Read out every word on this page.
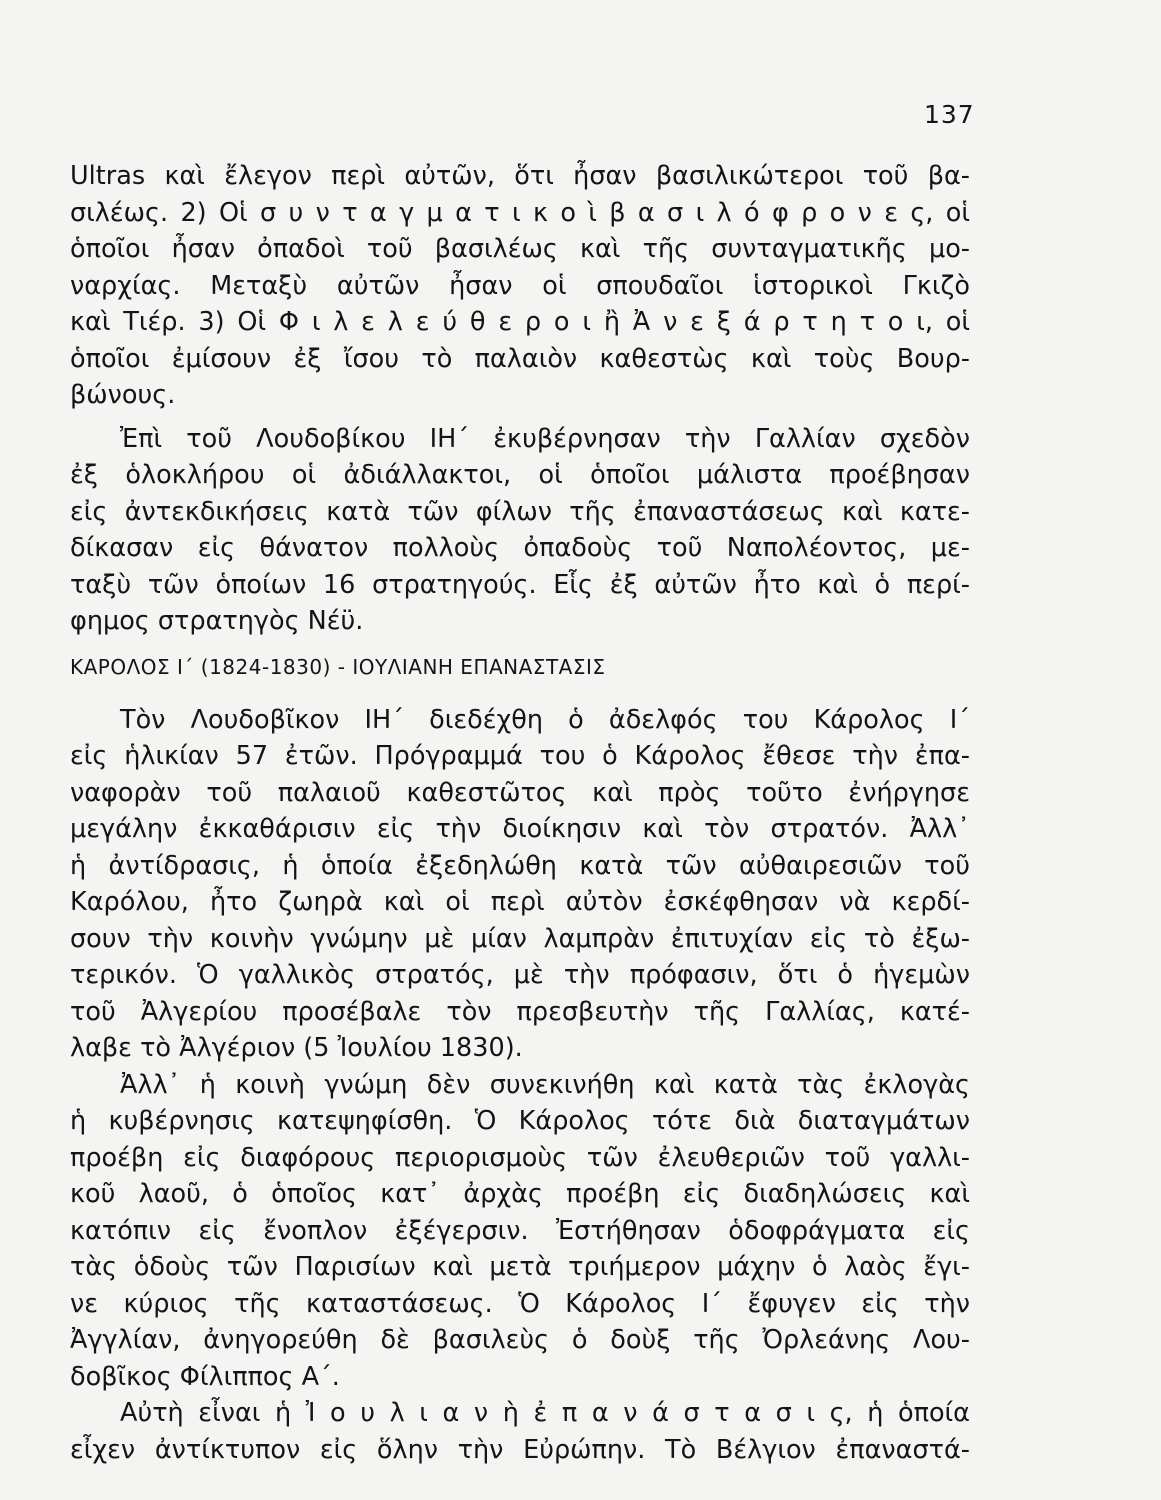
137
Ultras καὶ ἔλεγον περὶ αὐτῶν, ὅτι ἦσαν βασιλικώτεροι τοῦ βα-
σιλέως. 2) Οἱ σ υ ν τ α γ μ α τ ι κ ο ὶ β α σ ι λ ό φ ρ ο ν ε ς, οἱ
ὁποῖοι ἦσαν ὀπαδοὶ τοῦ βασιλέως καὶ τῆς συνταγματικῆς μο-
ναρχίας. Μεταξὺ αὐτῶν ἦσαν οἱ σπουδαῖοι ἱστορικοὶ Γκιζὸ
καὶ Τιέρ. 3) Οἱ Φ ι λ ε λ ε ύ θ ε ρ ο ι ἢ Ἀ ν ε ξ ά ρ τ η τ ο ι, οἱ
ὁποῖοι ἐμίσουν ἐξ ἴσου τὸ παλαιὸν καθεστὼς καὶ τοὺς Βουρ-
βώνους.
Ἐπὶ τοῦ Λουδοβίκου ΙΗ΄ ἐκυβέρνησαν τὴν Γαλλίαν σχεδὸν
ἐξ ὁλοκλήρου οἱ ἀδιάλλακτοι, οἱ ὁποῖοι μάλιστα προέβησαν
εἰς ἀντεκδικήσεις κατὰ τῶν φίλων τῆς ἐπαναστάσεως καὶ κατε-
δίκασαν εἰς θάνατον πολλοὺς ὀπαδοὺς τοῦ Ναπολέοντος, με-
ταξὺ τῶν ὁποίων 16 στρατηγούς. Εἷς ἐξ αὐτῶν ἦτο καὶ ὁ περί-
φημος στρατηγὸς Νέϋ.
ΚΑΡΟΛΟΣ Ι΄ (1824-1830) - ΙΟΥΛΙΑΝΗ ΕΠΑΝΑΣΤΑΣΙΣ
Τὸν Λουδοβῖκον ΙΗ΄ διεδέχθη ὁ ἀδελφός του Κάρολος Ι΄
εἰς ἡλικίαν 57 ἐτῶν. Πρόγραμμά του ὁ Κάρολος ἔθεσε τὴν ἐπα-
ναφορὰν τοῦ παλαιοῦ καθεστῶτος καὶ πρὸς τοῦτο ἐνήργησε
μεγάλην ἐκκαθάρισιν εἰς τὴν διοίκησιν καὶ τὸν στρατόν. Ἀλλ᾽
ἡ ἀντίδρασις, ἡ ὁποία ἐξεδηλώθη κατὰ τῶν αὐθαιρεσιῶν τοῦ
Καρόλου, ἦτο ζωηρὰ καὶ οἱ περὶ αὐτὸν ἐσκέφθησαν νὰ κερδί-
σουν τὴν κοινὴν γνώμην μὲ μίαν λαμπρὰν ἐπιτυχίαν εἰς τὸ ἐξω-
τερικόν. Ὁ γαλλικὸς στρατός, μὲ τὴν πρόφασιν, ὅτι ὁ ἡγεμὼν
τοῦ Ἀλγερίου προσέβαλε τὸν πρεσβευτὴν τῆς Γαλλίας, κατέ-
λαβε τὸ Ἀλγέριον (5 Ἰουλίου 1830).
Ἀλλ᾽ ἡ κοινὴ γνώμη δὲν συνεκινήθη καὶ κατὰ τὰς ἐκλογὰς
ἡ κυβέρνησις κατεψηφίσθη. Ὁ Κάρολος τότε διὰ διαταγμάτων
προέβη εἰς διαφόρους περιορισμοὺς τῶν ἐλευθεριῶν τοῦ γαλλι-
κοῦ λαοῦ, ὁ ὁποῖος κατ᾽ ἀρχὰς προέβη εἰς διαδηλώσεις καὶ
κατόπιν εἰς ἔνοπλον ἐξέγερσιν. Ἐστήθησαν ὁδοφράγματα εἰς
τὰς ὁδοὺς τῶν Παρισίων καὶ μετὰ τριήμερον μάχην ὁ λαὸς ἔγι-
νε κύριος τῆς καταστάσεως. Ὁ Κάρολος Ι΄ ἔφυγεν εἰς τὴν
Ἀγγλίαν, ἀνηγορεύθη δὲ βασιλεὺς ὁ δοὺξ τῆς Ὀρλεάνης Λου-
δοβῖκος Φίλιππος Α΄.
Αὐτὴ εἶναι ἡ Ἰ ο υ λ ι α ν ὴ ἐ π α ν ά σ τ α σ ι ς, ἡ ὁποία
εἶχεν ἀντίκτυπον εἰς ὅλην τὴν Εὐρώπην. Τὸ Βέλγιον ἐπαναστά-
